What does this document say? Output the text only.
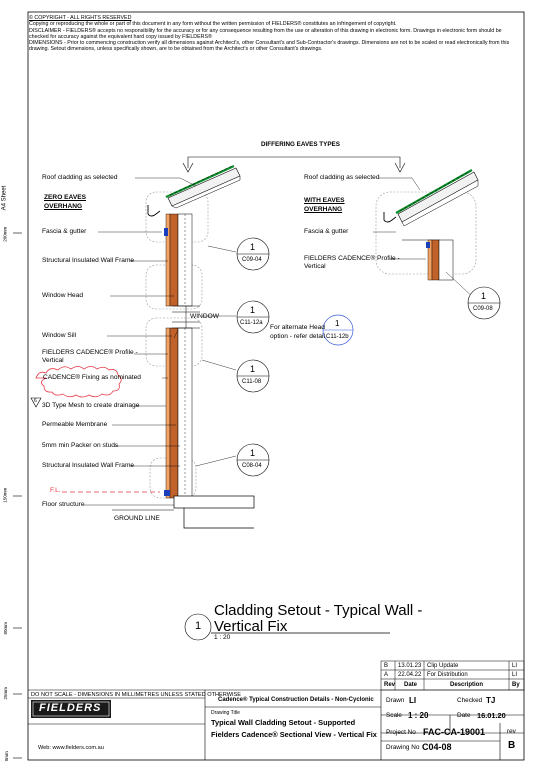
© COPYRIGHT - ALL RIGHTS RESERVED
Copying or reproducing the whole or part of this document in any form without the written permission of FIELDERS® constitutes an infringement of copyright.
DISCLAIMER - FIELDERS® accepts no responsibility for the accuracy or for any consequence resulting from the use or alteration of this drawing in electronic form. Drawings in electronic form should be checked for accuracy against the equivalent hard copy issued by FIELDERS®
DIMENSIONS - Prior to commencing construction verify all dimensions against Architect's, other Consultant's and Sub-Contractor's drawings. Dimensions are not to be scaled or read electronically from this drawing. Setout dimensions, unless specifically shown, are to be obtained from the Architect's or other Consultant's drawings.
A4 Sheet
200mm
150mm
80mm
25mm
0mm
DIFFERING EAVES TYPES
Roof cladding as selected
ZERO EAVES
OVERHANG
Fascia & gutter
Structural Insulated Wall Frame
Window Head
WINDOW
Window Sill
FIELDERS CADENCE® Profile -
Vertical
CADENCE® Fixing as nominated
6
3D Type Mesh to create drainage
Permeable Membrane
5mm min Packer on studs
Structural Insulated Wall Frame
F.L.
Floor structure
GROUND LINE
Roof cladding as selected
WITH EAVES
OVERHANG
Fascia & gutter
FIELDERS CADENCE® Profile -
Vertical
For alternate Head
option - refer detail
1
C09-04
1
C11-12a	1
C11-12b
1
C11-08
1
C08-04
1
C09-08
1
Cladding Setout - Typical Wall -
Vertical Fix
1 : 20
B 13.01.23 Clip Update	LI
A 22.04.22 For Distribution	LI
Rev Date	Description	By
DO NOT SCALE - DIMENSIONS IN MILLIMETRES UNLESS STATED OTHERWISE
Cadence® Typical Construction Details - Non-Cyclonic
FIELDERS	Drawing Title
Typical Wall Cladding Setout - Supported
Fielders Cadence® Sectional View - Vertical Fix
Web: www.fielders.com.au
Drawn LI	Checked TJ
Scale 1 : 20	Date 16.01.20
Project No FAC-CA-19001	rev
B
Drawing No C04-08
